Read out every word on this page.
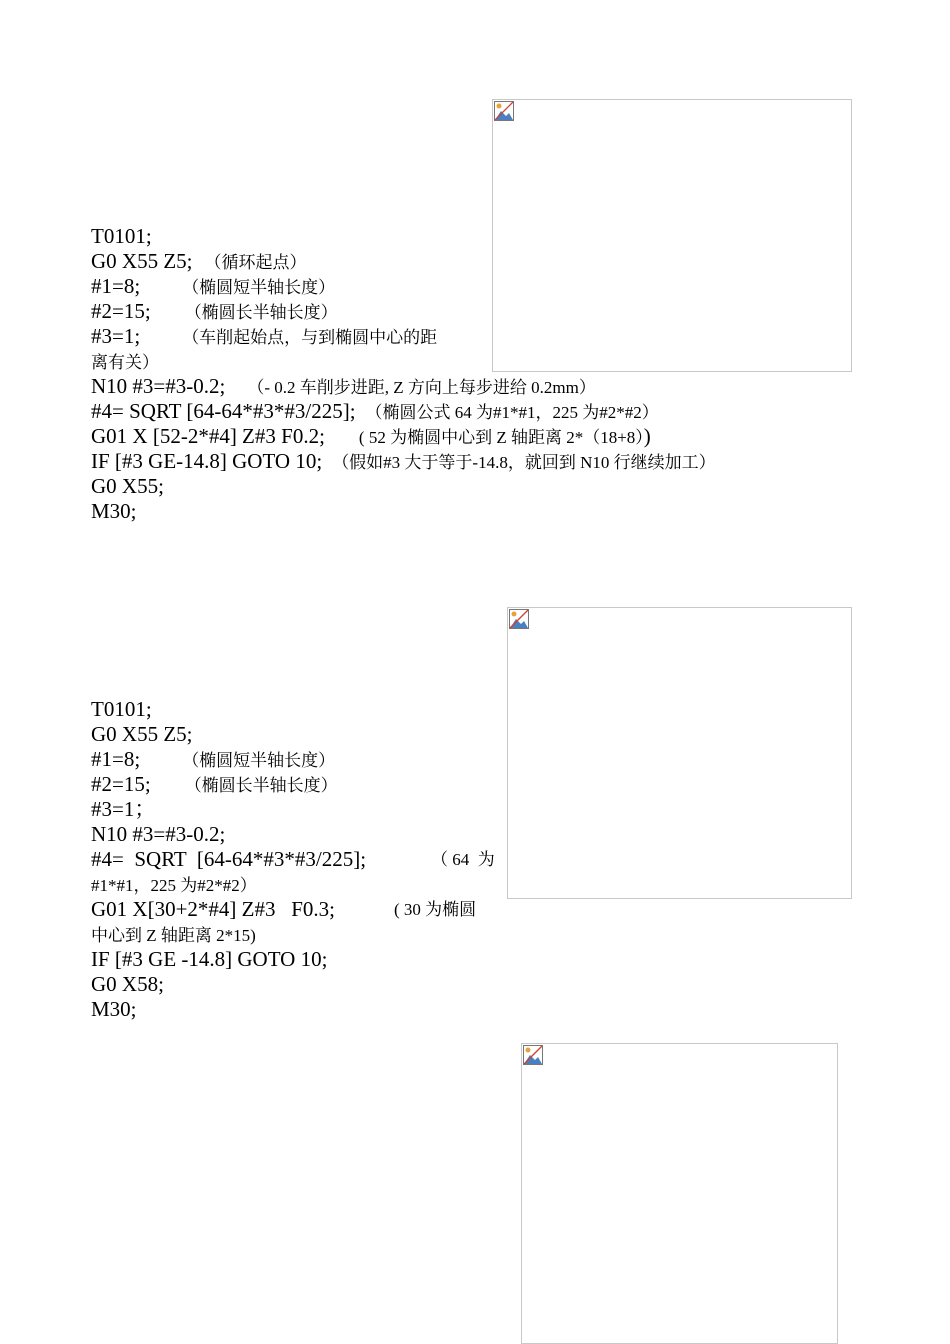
T0101;
G0 X55 Z5; （循环起点）
#1=8; （椭圆短半轴长度）
#2=15; （椭圆长半轴长度）
#3=1; （车削起始点，与到椭圆中心的距
离有关）
N10 #3=#3-0.2; （- 0.2 车削步进距, Z 方向上每步进给 0.2mm）
#4= SQRT [64-64*#3*#3/225]; （椭圆公式 64 为#1*#1，225 为#2*#2）
G01 X [52-2*#4] Z#3 F0.2; ( 52 为椭圆中心到 Z 轴距离 2*（18+8）)
IF [#3 GE-14.8] GOTO 10; （假如#3 大于等于-14.8，就回到 N10 行继续加工）
G0 X55;
M30;
T0101;
G0 X55 Z5;
#1=8; （椭圆短半轴长度）
#2=15; （椭圆长半轴长度）
#3=1；
N10 #3=#3-0.2;
#4=  SQRT  [64-64*#3*#3/225];	（ 64  为
#1*#1，225 为#2*#2）
G01 X[30+2*#4] Z#3   F0.3;	( 30 为椭圆
中心到 Z 轴距离 2*15)
IF [#3 GE -14.8] GOTO 10;
G0 X58;
M30;
